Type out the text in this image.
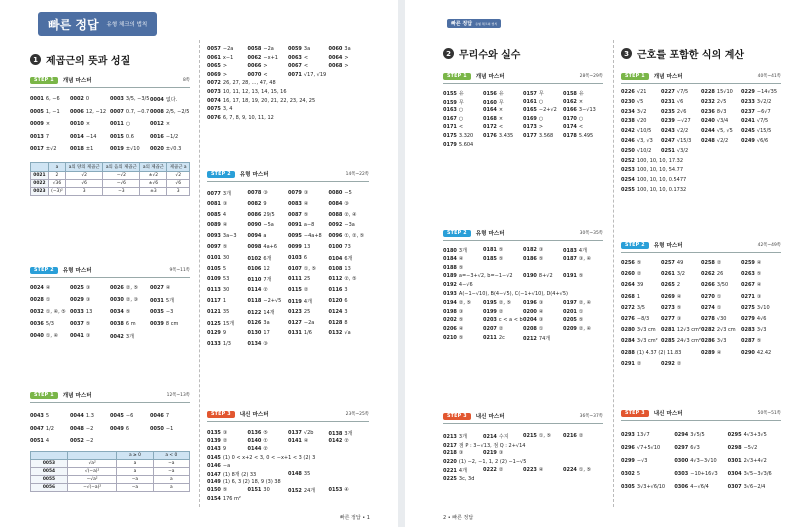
빠른 정답 유형 체크의 법칙
1 제곱근의 뜻과 성질
STEP 1	개념 마스터	8쪽
	a	a의 양의 제곱근	a의 음의 제곱근	a의 제곱근	제곱근 a
0021	2	√2	−√2	±√2	√2
0022	√36	√6	−√6	±√6	√6
0023	(−3)²	3	−3	±3	3
STEP 2	유형 마스터	9쪽~11쪽
STEP 1	개념 마스터	12쪽~13쪽
		a ≥ 0	a < 0
0053	√a²	a	−a
0054	√(−a)²	a	−a
0055	−√a²	−a	a
0056	−√(−a)²	−a	a
STEP 2	유형 마스터	14쪽~22쪽
STEP 3	내신 마스터	23쪽~25쪽
빠른 정답 • 1
0001 6, −6 0002 0	0003 3/5, −3/5 0004 없다.
0005 1, −1 0006 12, −12 0007 0.7, −0.7 0008 2/5, −2/5
0009 ×	0010 ×	0011 ○	0012 ×
0013 7	0014 −14	0015 0.6	0016 −1/2
0017 ±√2	0018 ±1	0019 ±√10 0020 ±√0.3
0024 ④	0025 ③	0026 ②, ⑤ 0027 ④
0028 ①	0029 ③	0030 ②, ③ 0031 5개
0032 ①, ④, ⑤ 0033 13	0034 ⑤	0035 −3
0036 5/3	0037 ⑤	0038 6 m	0039 8 cm
0040 ①, ④ 0041 ③	0042 3개
0043 5	0044 1.3	0045 −6	0046 7
0047 1/2	0048 −2	0049 6	0050 −1
0051 4	0052 −2
0057 −2a	0058 −2a	0059 3a	0060 3a
0061 x−1	0062 −x+1 0063 <	0064 >
0065 >	0066 >	0067 <	0068 >
0069 >	0070 <	0071 √17, √19
0072 26, 27, 28, …, 47, 48
0073 10, 11, 12, 13, 14, 15, 16
0074 16, 17, 18, 19, 20, 21, 22, 23, 24, 25
0075 3, 4
0076 6, 7, 8, 9, 10, 11, 12
0077 3개	0078 ③	0079 ③	0080 −5
0081 ③	0082 9	0083 ④	0084 ③
0085 4	0086 29/5	0087 ⑤	0088 ②, ④
0089 ④	0090 −5a	0091 a−8	0092 −3a
0093 3a−3 0094 a	0095 −4a+8 0096 ①, ②, ⑤
0097 ⑤	0098 4a+6 0099 13	0100 73
0101 30	0102 6개	0103 6	0104 6개
0105 5	0106 12	0107 ①, ⑤ 0108 13
0109 53	0110 7개	0111 25	0112 ②, ⑤
0113 30	0114 ②	0115 ②	0116 3
0117 1	0118 −2+√5 0119 4개	0120 6
0121 35	0122 14개	0123 25	0124 3
0125 15개	0126 3a	0127 −2a	0128 8
0129 9	0130 17	0131 1/6	0132 √a
0133 1/3	0134 ③
0135 ③	0136 ⑤	0137 √2b	0138 3개
0139 ②	0140 ①	0141 ④	0142 ②
0143 9	0144 ②
0145 (1) 0 < x+2 < 3, 0 < −x+1 < 3 (2) 3
0146 −a
0147 (1) 8개 (2) 33	0148 35
0149 (1) 6, 3 (2) 18, 9 (3) 38
0150 ⑤	0151 30	0152 24개	0153 ④
0154 176 m²
빠른 정답 유형 체크의 법칙
2 무리수와 실수
STEP 1	개념 마스터	28쪽~29쪽
STEP 2	유형 마스터	30쪽~35쪽
STEP 3	내신 마스터	36쪽~37쪽
3 근호를 포함한 식의 계산
STEP 1	개념 마스터	40쪽~41쪽
STEP 2	유형 마스터	42쪽~49쪽
STEP 3	내신 마스터	50쪽~51쪽
2 • 빠른 정답
0155 유	0156 유	0157 무	0158 유
0159 무	0160 무	0161 ○	0162 ×
0163 ○	0164 ×	0165 −2+√2 0166 3−√13
0167 ○	0168 ×	0169 ○	0170 ○
0171 <	0172 <	0173 >	0174 <
0175 3.320 0176 3.435 0177 3.568 0178 5.495
0179 5.604
0180 3개	0181 ⑤	0182 ③	0183 4개
0184 ④	0185 ⑤	0186 ⑤	0187 ③, ④
0188 ⑤
0189 a=−3+√2, b=−1−√2 0190 8+√2 0191 ⑤
0192 4−√6
0193 A(−1−√10), B(4−√5), C(−1+√10), D(4+√5)
0194 ②, ⑤ 0195 ②, ⑤ 0196 ③	0197 ②, ④
0198 ③	0199 ②	0200 ④	0201 ①
0202 ⑤	0203 c < a < b 0204 ③	0205 ⑤
0206 ④	0207 ②	0208 ①	0209 ②, ④
0210 ⑤	0211 2c	0212 74개
0213 3개	0214 수지	0215 ①, ⑤ 0216 ②
0217 점 P : 3−√13, 점 Q : 2+√14
0218 ③	0219 ③
0220 (1) −2, −1, 1, 2 (2) −1−√5
0221 4개	0222 ②	0223 ④	0224 ①, ⑤
0225 3c, 3d
0226 √21	0227 √7/5	0228 15√10 0229 −14√35
0230 √5	0231 √6	0232 2√5	0233 3√2/2
0234 3√2	0235 2√6	0236 8√3	0237 −6√7
0238 √20	0239 −√27 0240 √3/4	0241 √7/5
0242 √10/5 0243 √2/2	0244 √5, √5 0245 √15/5
0246 √3, √3 0247 √15/3 0248 √2/2	0249 √6/6
0250 √10/2 0251 √3/2
0252 100, 10, 10, 17.32
0253 100, 10, 10, 54.77
0254 100, 10, 10, 0.5477
0255 100, 10, 10, 0.1732
0256 ⑤	0257 49	0258 ②	0259 ④
0260 ②	0261 3/2	0262 26	0263 ⑤
0264 39	0265 2	0266 3/50	0267 ④
0268 1	0269 ④	0270 ①	0271 ③
0272 3/5	0273 ⑤	0274 ①	0275 3√10
0276 −8/3 0277 ③	0278 √30	0279 4√6
0280 3√3 cm 0281 12√3 cm² 0282 2√3 cm 0283 3√3
0284 3√3 cm² 0285 24√3 cm² 0286 3√3	0287 ⑤
0288 (1) 4.37 (2) 11.83	0289 ④	0290 42.42
0291 ②	0292 ②
0293 13√7	0294 3√5/5	0295 4√3+3√5
0296 √7+5√10	0297 6√3	0298 −5√2
0299 −√3	0300 4√3−3√10 0301 2√3+4√2
0302 5	0303 −10+16√3 0304 3√5−3√3/6
0305 3√3+√6/10 0306 4−√6/4	0307 3√6−2/4
